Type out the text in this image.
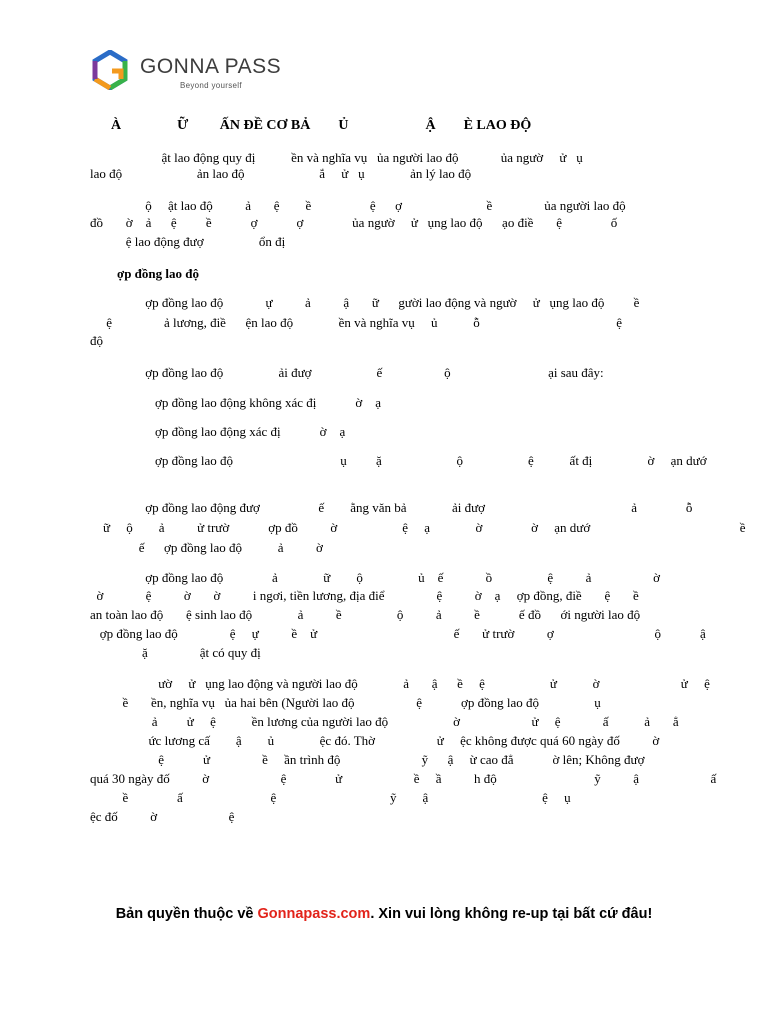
GONNA PASS
Beyond yourself
À                Ữ         ẤN ĐỀ CƠ BẢ        Ủ                      Ậ        È LAO ĐỘ
ật lao động quy đị           ền và nghĩa vụ   ủa người lao độ             ủa ngườ     ử   ụ
lao độ                       ản lao độ                       ắ     ử   ụ              ản lý lao độ
ộ     ật lao độ          ả       ệ        ề                  ệ      ợ                          ề                ủa người lao độ
đồ       ờ    ả      ệ         ề            ợ            ợ               ủa ngườ     ử   ụng lao độ      ạo điề       ệ               ố
ệ lao động đượ                 ổn đị
ợp đồng lao độ
ợp đồng lao độ             ự          ả          ậ       ữ      gười lao động và ngườ     ử   ụng lao độ         ề
ệ                ả lương, điề      ện lao độ              ền và nghĩa vụ     ủ           ỗ                                          ệ
độ
ợp đồng lao độ                 ải đượ                    ế                   ộ                              ại sau đây:
ợp đồng lao động không xác đị            ờ    ạ
ợp đồng lao động xác đị            ờ    ạ
ợp đồng lao độ                                 ụ         ặ                       ộ                    ệ           ất đị                 ờ     ạn dướ
ợp đồng lao động đượ                  ế        ằng văn bả              ải đượ                                             ả               ỗ
ữ     ộ        ả          ử trườ            ợp đồ          ờ                    ệ     ạ              ờ               ờ     ạn dướ                                              ề
ế      ợp đồng lao độ           ả          ờ
ợp đồng lao độ               ả              ữ        ộ                 ủ    ế             ồ                 ệ          ả                   ờ
ờ             ệ          ờ       ờ          i ngơi, tiền lương, địa điể                ệ          ờ    ạ     ợp đồng, điề       ệ       ề
an toàn lao độ       ệ sinh lao độ              ả          ề                 ộ          ả          ề            ế đồ      ới người lao độ
ợp đồng lao độ                ệ     ự          ề    ử                                          ế       ử trườ          ợ                               ộ            ậ
ặ                ật có quy đị
ườ     ử   ụng lao động và người lao độ              ả       ậ      ề     ệ                    ử           ờ                         ử     ệ
ề       ền, nghĩa vụ   ủa hai bên (Người lao độ                   ệ            ợp đồng lao độ                 ụ
ả         ử     ệ           ền lương của người lao độ                    ờ                      ử     ệ             ấ           ả       ẳ
ức lương cấ        ậ        ủ              ệc đó. Thờ                   ử     ệc không được quá 60 ngày đố          ờ
ệ            ử                ề     ần trình độ                         ỹ      ậ     ừ cao đẳ            ờ lên; Không đượ
quá 30 ngày đố          ờ                      ệ               ử                      ề     ầ          h độ                              ỹ          ậ                      ấ
ề               ấ                           ệ                                   ỹ        ậ                                   ệ     ụ
ệc đố          ờ                      ệ
Bản quyền thuộc về Gonnapass.com. Xin vui lòng không re-up tại bất cứ đâu!
